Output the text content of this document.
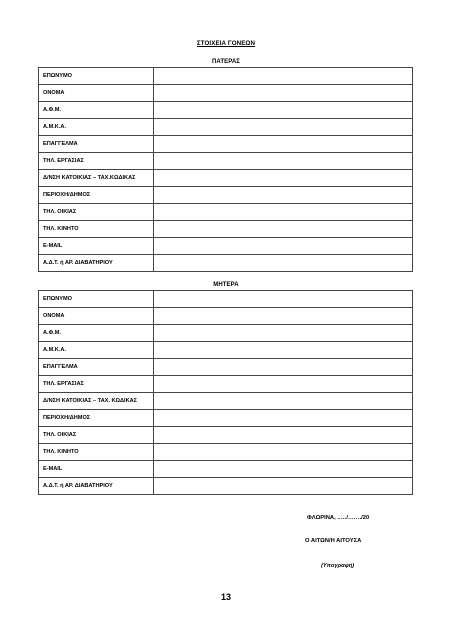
ΣΤΟΙΧΕΙΑ ΓΟΝΕΩΝ
ΠΑΤΕΡΑΣ
ΕΠΩΝΥΜΟ	
ΟΝΟΜΑ	
Α.Φ.Μ.	
Α.Μ.Κ.Α.	
ΕΠΑΓΓΕΛΜΑ	
ΤΗΛ. ΕΡΓΑΣΙΑΣ	
Δ/ΝΣΗ ΚΑΤΟΙΚΙΑΣ – ΤΑΧ.ΚΩΔΙΚΑΣ	
ΠΕΡΙΟΧΗ/ΔΗΜΟΣ	
ΤΗΛ. ΟΙΚΙΑΣ	
ΤΗΛ. ΚΙΝΗΤΟ	
E-MAIL	
Α.Δ.Τ. ή ΑΡ. ΔΙΑΒΑΤΗΡΙΟΥ	
ΜΗΤΕΡΑ
ΕΠΩΝΥΜΟ	
ΟΝΟΜΑ	
Α.Φ.Μ.	
Α.Μ.Κ.Α.	
ΕΠΑΓΓΕΛΜΑ	
ΤΗΛ. ΕΡΓΑΣΙΑΣ	
Δ/ΝΣΗ ΚΑΤΟΙΚΙΑΣ – ΤΑΧ. ΚΩΔΙΚΑΣ	
ΠΕΡΙΟΧΗ/ΔΗΜΟΣ	
ΤΗΛ. ΟΙΚΙΑΣ	
ΤΗΛ. ΚΙΝΗΤΟ	
E-MAIL	
Α.Δ.Τ. ή ΑΡ. ΔΙΑΒΑΤΗΡΙΟΥ	
ΦΛΩΡΙΝΑ, ..…/……./20
Ο ΑΙΤΩΝ/Η ΑΙΤΟΥΣΑ
(Υπογραφή)
13
